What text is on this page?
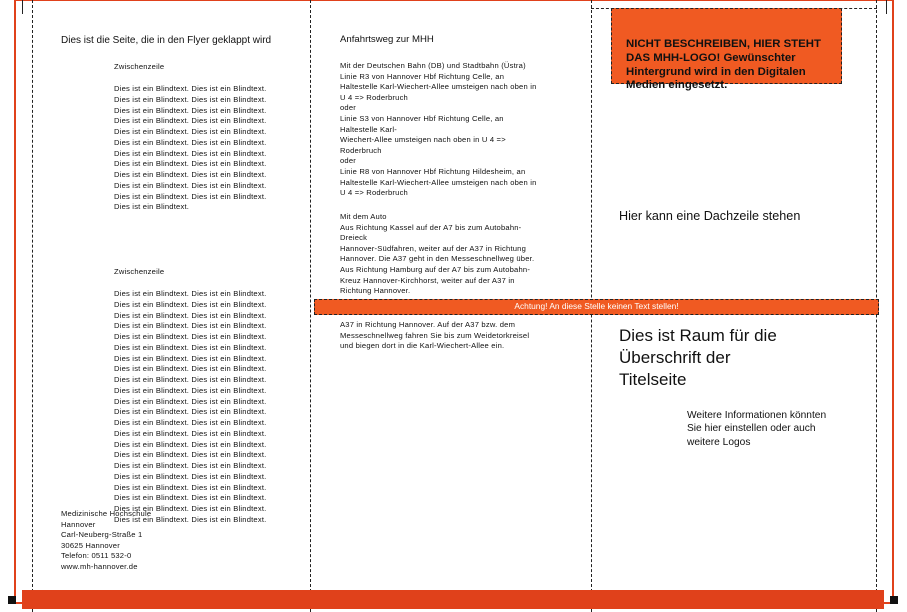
Dies ist die Seite, die in den Flyer geklappt wird
Zwischenzeile
Dies ist ein Blindtext. Dies ist ein Blindtext. Dies ist ein Blindtext. Dies ist ein Blindtext. Dies ist ein Blindtext. Dies ist ein Blindtext. Dies ist ein Blindtext. Dies ist ein Blindtext. Dies ist ein Blindtext. Dies ist ein Blindtext. Dies ist ein Blindtext. Dies ist ein Blindtext. Dies ist ein Blindtext. Dies ist ein Blindtext. Dies ist ein Blindtext. Dies ist ein Blindtext. Dies ist ein Blindtext. Dies ist ein Blindtext. Dies ist ein Blindtext. Dies ist ein Blindtext. Dies ist ein Blindtext. Dies ist ein Blindtext. Dies ist ein Blindtext.
Zwischenzeile
Dies ist ein Blindtext. Dies ist ein Blindtext. Dies ist ein Blindtext. Dies ist ein Blindtext. Dies ist ein Blindtext. Dies ist ein Blindtext. Dies ist ein Blindtext. Dies ist ein Blindtext. Dies ist ein Blindtext. Dies ist ein Blindtext. Dies ist ein Blindtext. Dies ist ein Blindtext. Dies ist ein Blindtext. Dies ist ein Blindtext. Dies ist ein Blindtext. Dies ist ein Blindtext. Dies ist ein Blindtext. Dies ist ein Blindtext. Dies ist ein Blindtext. Dies ist ein Blindtext. Dies ist ein Blindtext. Dies ist ein Blindtext. Dies ist ein Blindtext. Dies ist ein Blindtext. Dies ist ein Blindtext. Dies ist ein Blindtext. Dies ist ein Blindtext. Dies ist ein Blindtext. Dies ist ein Blindtext. Dies ist ein Blindtext. Dies ist ein Blindtext. Dies ist ein Blindtext. Dies ist ein Blindtext. Dies ist ein Blindtext. Dies ist ein Blindtext. Dies ist ein Blindtext. Dies ist ein Blindtext. Dies ist ein Blindtext. Dies ist ein Blindtext. Dies ist ein Blindtext. Dies ist ein Blindtext. Dies ist ein Blindtext. Dies ist ein Blindtext. Dies ist ein Blindtext.
Medizinische Hochschule
Hannover
Carl-Neuberg-Straße 1
30625 Hannover
Telefon: 0511 532-0
www.mh-hannover.de
Anfahrtsweg zur MHH
Mit der Deutschen Bahn (DB) und Stadtbahn (Üstra)
Linie R3 von Hannover Hbf Richtung Celle, an
Haltestelle Karl-Wiechert-Allee umsteigen nach oben in
U 4 => Roderbruch
oder
Linie S3 von Hannover Hbf Richtung Celle, an
Haltestelle Karl-
Wiechert-Allee umsteigen nach oben in U 4 =>
Roderbruch
oder
Linie R8 von Hannover Hbf Richtung Hildesheim, an
Haltestelle Karl-Wiechert-Allee umsteigen nach oben in
U 4 => Roderbruch
Mit dem Auto
Aus Richtung Kassel auf der A7 bis zum Autobahn-
Dreieck
Hannover-Südfahren, weiter auf der A37 in Richtung
Hannover. Die A37 geht in den Messeschnellweg über.
Aus Richtung Hamburg auf der A7 bis zum Autobahn-
Kreuz Hannover-Kirchhorst, weiter auf der A37 in
Richtung Hannover.
A37 in Richtung Hannover. Auf der A37 bzw. dem
Messeschnellweg fahren Sie bis zum Weidetorkreisel
und biegen dort in die Karl-Wiechert-Allee ein.
Achtung! An diese Stelle keinen Text stellen!
NICHT BESCHREIBEN, HIER STEHT DAS MHH-LOGO! Gewünschter Hintergrund wird in den Digitalen Medien eingesetzt.
Hier kann eine Dachzeile stehen
Dies ist Raum für die Überschrift der Titelseite
Weitere Informationen könnten Sie hier einstellen oder auch weitere Logos
